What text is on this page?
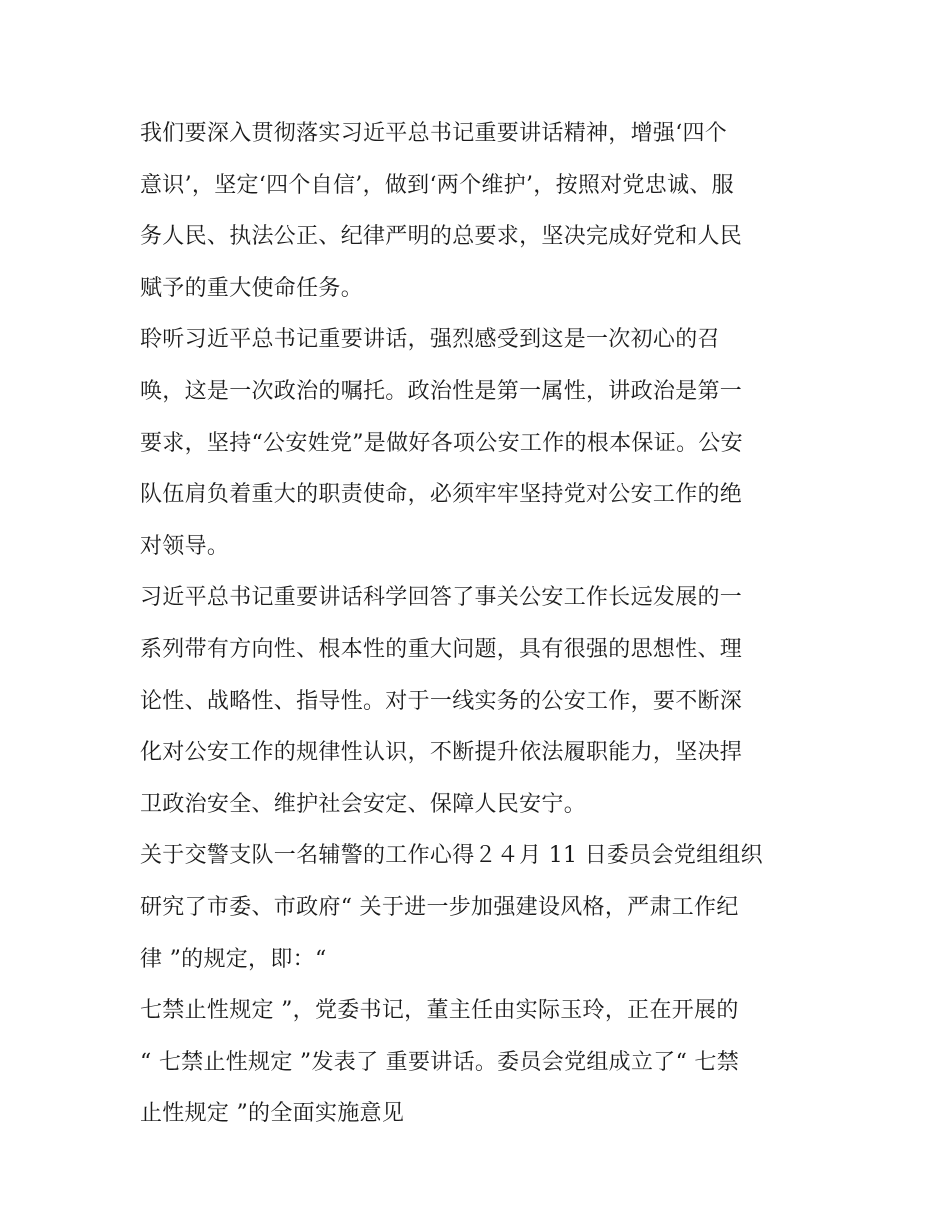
我们要深入贯彻落实习近平总书记重要讲话精神，增强‘四个
意识’，坚定‘四个自信’，做到‘两个维护’，按照对党忠诚、服
务人民、执法公正、纪律严明的总要求，坚决完成好党和人民
赋予的重大使命任务。
聆听习近平总书记重要讲话，强烈感受到这是一次初心的召
唤，这是一次政治的嘱托。政治性是第一属性，讲政治是第一
要求，坚持“公安姓党”是做好各项公安工作的根本保证。公安
队伍肩负着重大的职责使命，必须牢牢坚持党对公安工作的绝
对领导。
习近平总书记重要讲话科学回答了事关公安工作长远发展的一
系列带有方向性、根本性的重大问题，具有很强的思想性、理
论性、战略性、指导性。对于一线实务的公安工作，要不断深
化对公安工作的规律性认识，不断提升依法履职能力，坚决捍
卫政治安全、维护社会安定、保障人民安宁。
关于交警支队一名辅警的工作心得２４月 11 日委员会党组组织
研究了市委、市政府“ 关于进一步加强建设风格，严肃工作纪
律 ”的规定，即：“
七禁止性规定 ”，党委书记，董主任由实际玉玲，正在开展的
“ 七禁止性规定 ”发表了 重要讲话。委员会党组成立了“ 七禁
止性规定 ”的全面实施意见
